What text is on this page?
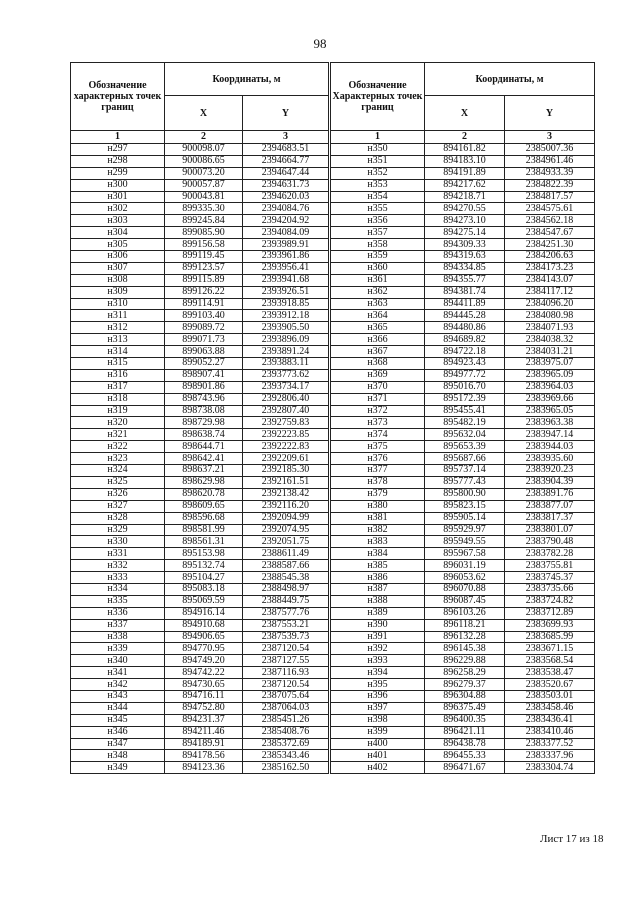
98
Обозначение характерных точек границ	Координаты, м	
	X	Y
1	2	3
н297	900098.07	2394683.51
н298	900086.65	2394664.77
н299	900073.20	2394647.44
н300	900057.87	2394631.73
н301	900043.81	2394620.03
н302	899335.30	2394084.76
н303	899245.84	2394204.92
н304	899085.90	2394084.09
н305	899156.58	2393989.91
н306	899119.45	2393961.86
н307	899123.57	2393956.41
н308	899115.89	2393941.68
н309	899126.22	2393926.51
н310	899114.91	2393918.85
н311	899103.40	2393912.18
н312	899089.72	2393905.50
н313	899071.73	2393896.09
н314	899063.88	2393891.24
н315	899052.27	2393883.11
н316	898907.41	2393773.62
н317	898901.86	2393734.17
н318	898743.96	2392806.40
н319	898738.08	2392807.40
н320	898729.98	2392759.83
н321	898638.74	2392223.85
н322	898644.71	2392222.83
н323	898642.41	2392209.61
н324	898637.21	2392185.30
н325	898629.98	2392161.51
н326	898620.78	2392138.42
н327	898609.65	2392116.20
н328	898596.68	2392094.99
н329	898581.99	2392074.95
н330	898561.31	2392051.75
н331	895153.98	2388611.49
н332	895132.74	2388587.66
н333	895104.27	2388545.38
н334	895083.18	2388498.97
н335	895069.59	2388449.75
н336	894916.14	2387577.76
н337	894910.68	2387553.21
н338	894906.65	2387539.73
н339	894770.95	2387120.54
н340	894749.20	2387127.55
н341	894742.22	2387116.93
н342	894730.65	2387120.54
н343	894716.11	2387075.64
н344	894752.80	2387064.03
н345	894231.37	2385451.26
н346	894211.46	2385408.76
н347	894189.91	2385372.69
н348	894178.56	2385343.46
н349	894123.36	2385162.50
Обозначение Характерных точек границ	Координаты, м	
	X	Y
1	2	3
н350	894161.82	2385007.36
н351	894183.10	2384961.46
н352	894191.89	2384933.39
н353	894217.62	2384822.39
н354	894218.71	2384817.57
н355	894270.55	2384575.61
н356	894273.10	2384562.18
н357	894275.14	2384547.67
н358	894309.33	2384251.30
н359	894319.63	2384206.63
н360	894334.85	2384173.23
н361	894355.77	2384143.07
н362	894381.74	2384117.12
н363	894411.89	2384096.20
н364	894445.28	2384080.98
н365	894480.86	2384071.93
н366	894689.82	2384038.32
н367	894722.18	2384031.21
н368	894923.43	2383975.07
н369	894977.72	2383965.09
н370	895016.70	2383964.03
н371	895172.39	2383969.66
н372	895455.41	2383965.05
н373	895482.19	2383963.38
н374	895632.04	2383947.14
н375	895653.39	2383944.03
н376	895687.66	2383935.60
н377	895737.14	2383920.23
н378	895777.43	2383904.39
н379	895800.90	2383891.76
н380	895823.15	2383877.07
н381	895905.14	2383817.37
н382	895929.97	2383801.07
н383	895949.55	2383790.48
н384	895967.58	2383782.28
н385	896031.19	2383755.81
н386	896053.62	2383745.37
н387	896070.88	2383735.66
н388	896087.45	2383724.82
н389	896103.26	2383712.89
н390	896118.21	2383699.93
н391	896132.28	2383685.99
н392	896145.38	2383671.15
н393	896229.88	2383568.54
н394	896258.29	2383538.47
н395	896279.37	2383520.67
н396	896304.88	2383503.01
н397	896375.49	2383458.46
н398	896400.35	2383436.41
н399	896421.11	2383410.46
н400	896438.78	2383377.52
н401	896455.33	2383337.96
н402	896471.67	2383304.74
Лист 17 из 18
